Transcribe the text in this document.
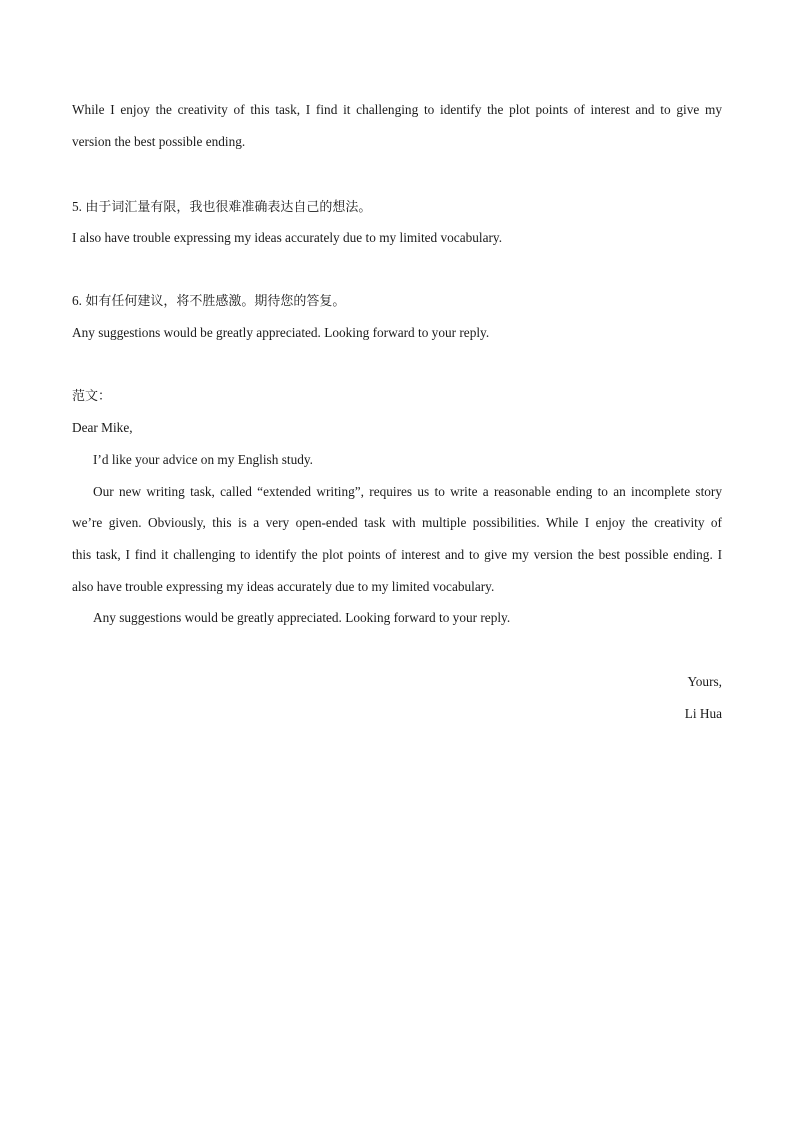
While I enjoy the creativity of this task, I find it challenging to identify the plot points of interest and to give my
version the best possible ending.
5. 由于词汇量有限，我也很难准确表达自己的想法。
I also have trouble expressing my ideas accurately due to my limited vocabulary.
6. 如有任何建议，将不胜感激。期待您的答复。
Any suggestions would be greatly appreciated. Looking forward to your reply.
范文：
Dear Mike,
I’d like your advice on my English study.
Our new writing task, called “extended writing”, requires us to write a reasonable ending to an incomplete story
we’re given. Obviously, this is a very open-ended task with multiple possibilities. While I enjoy the creativity of
this task, I find it challenging to identify the plot points of interest and to give my version the best possible ending. I
also have trouble expressing my ideas accurately due to my limited vocabulary.
Any suggestions would be greatly appreciated. Looking forward to your reply.
Yours,
Li Hua
